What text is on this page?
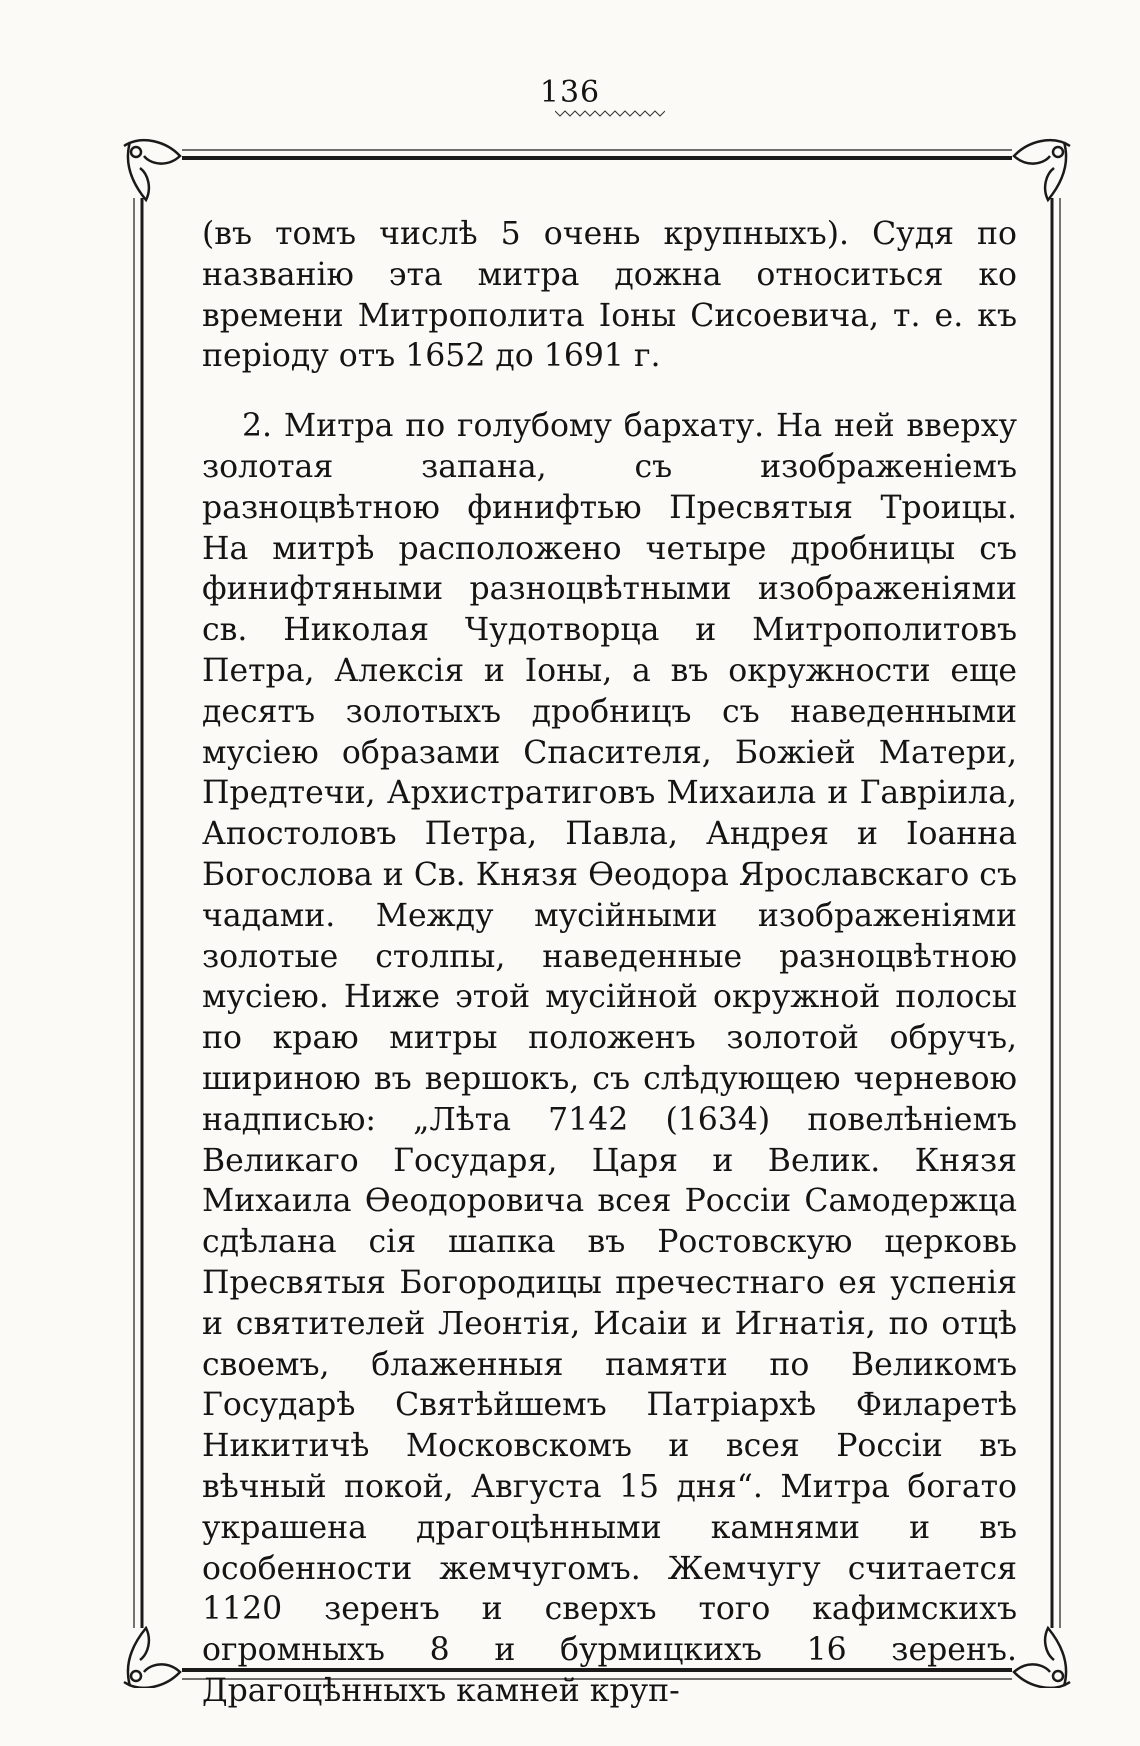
136

(въ томъ числѣ 5 очень крупныхъ). Судя по названію эта митра дожна относиться ко времени Митрополита Іоны Сисоевича, т. е. къ періоду отъ 1652 до 1691 г.

2. Митра по голубому бархату. На ней вверху золотая запана, съ изображеніемъ разноцвѣтною финифтью Пресвятыя Троицы. На митрѣ расположено четыре дробницы съ финифтяными разноцвѣтными изображеніями св. Николая Чудотворца и Митрополитовъ Петра, Алексія и Іоны, а въ окружности еще десятъ золотыхъ дробницъ съ наведенными мусіею образами Спасителя, Божіей Матери, Предтечи, Архистратиговъ Михаила и Гавріила, Апостоловъ Петра, Павла, Андрея и Іоанна Богослова и Св. Князя Ѳеодора Ярославскаго съ чадами. Между мусійными изображеніями золотые столпы, наведенные разноцвѣтною мусіею. Ниже этой мусійной окружной полосы по краю митры положенъ золотой обручъ, шириною въ вершокъ, съ слѣдующею черневою надписью: „Лѣта 7142 (1634) повелѣніемъ Великаго Государя, Царя и Велик. Князя Михаила Ѳеодоровича всея Россіи Самодержца сдѣлана сія шапка въ Ростовскую церковь Пресвятыя Богородицы пречестнаго ея успенія и святителей Леонтія, Исаіи и Игнатія, по отцѣ своемъ, блаженныя памяти по Великомъ Государѣ Святѣйшемъ Патріархѣ Филаретѣ Никитичѣ Московскомъ и всея Россіи въ вѣчный покой, Августа 15 дня“. Митра богато украшена драгоцѣнными камнями и въ особенности жемчугомъ. Жемчугу считается 1120 зеренъ и сверхъ того кафимскихъ огромныхъ 8 и бурмицкихъ 16 зеренъ. Драгоцѣнныхъ камней круп-
